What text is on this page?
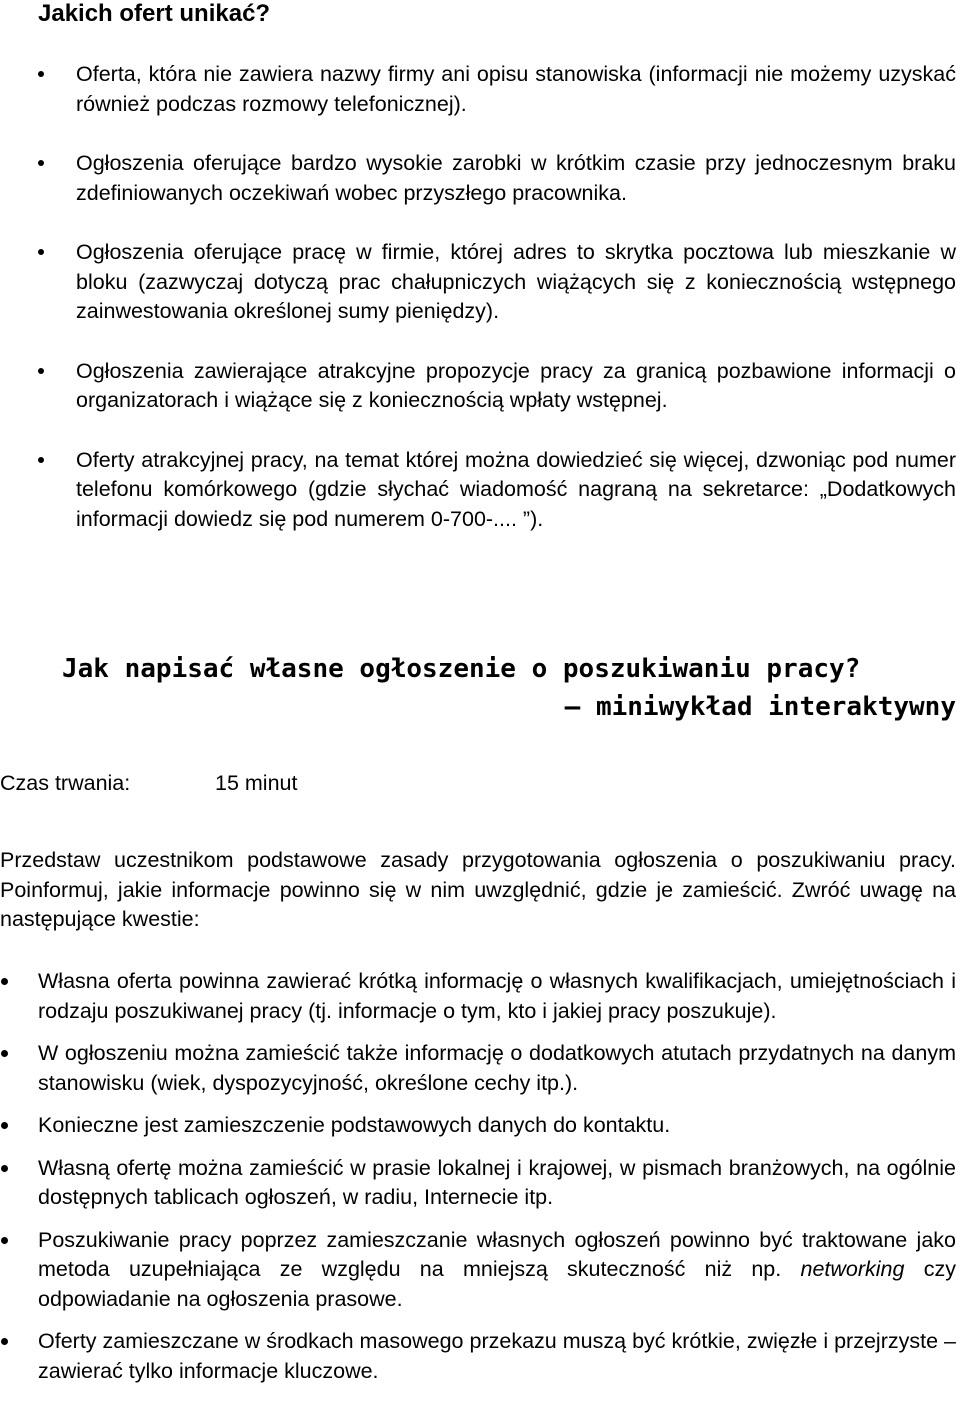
Jakich ofert unikać?
Oferta, która nie zawiera nazwy firmy ani opisu stanowiska (informacji nie możemy uzyskać również podczas rozmowy telefonicznej).
Ogłoszenia oferujące bardzo wysokie zarobki w krótkim czasie przy jednoczesnym braku zdefiniowanych oczekiwań wobec przyszłego pracownika.
Ogłoszenia oferujące pracę w firmie, której adres to skrytka pocztowa lub mieszkanie w bloku (zazwyczaj dotyczą prac chałupniczych wiążących się z koniecznością wstępnego zainwestowania określonej sumy pieniędzy).
Ogłoszenia zawierające atrakcyjne propozycje pracy za granicą pozbawione informacji o organizatorach i wiążące się z koniecznością wpłaty wstępnej.
Oferty atrakcyjnej pracy, na temat której można dowiedzieć się więcej, dzwoniąc pod numer telefonu komórkowego (gdzie słychać wiadomość nagraną na sekretarce: „Dodatkowych informacji dowiedz się pod numerem 0-700-.... ”).
Jak napisać własne ogłoszenie o poszukiwaniu pracy?
– miniwykład interaktywny
Czas trwania:	15 minut

Przedstaw uczestnikom podstawowe zasady przygotowania ogłoszenia o poszukiwaniu pracy. Poinformuj, jakie informacje powinno się w nim uwzględnić, gdzie je zamieścić. Zwróć uwagę na następujące kwestie:

Własna oferta powinna zawierać krótką informację o własnych kwalifikacjach, umiejętnościach i rodzaju poszukiwanej pracy (tj. informacje o tym, kto i jakiej pracy poszukuje).
W ogłoszeniu można zamieścić także informację o dodatkowych atutach przydatnych na danym stanowisku (wiek, dyspozycyjność, określone cechy itp.).
Konieczne jest zamieszczenie podstawowych danych do kontaktu.
Własną ofertę można zamieścić w prasie lokalnej i krajowej, w pismach branżowych, na ogólnie dostępnych tablicach ogłoszeń, w radiu, Internecie itp.
Poszukiwanie pracy poprzez zamieszczanie własnych ogłoszeń powinno być traktowane jako metoda uzupełniająca ze względu na mniejszą skuteczność niż np. networking czy odpowiadanie na ogłoszenia prasowe.
Oferty zamieszczane w środkach masowego przekazu muszą być krótkie, zwięzłe i przejrzyste – zawierać tylko informacje kluczowe.
